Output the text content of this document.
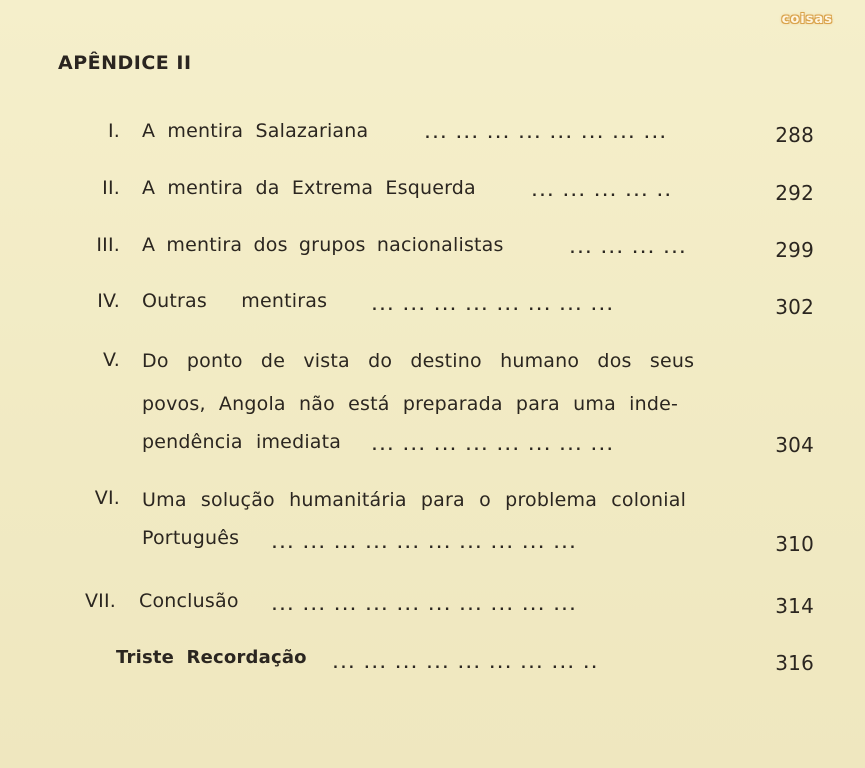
coisas
APÊNDICE II
I. A mentira Salazariana	... ... ... ... ... ... ... ...	288
II. A mentira da Extrema Esquerda	... ... ... ... ..	292
III. A mentira dos grupos nacionalistas	... ... ... ...	299
IV. Outras mentiras	... ... ... ... ... ... ... ...	302
V. Do ponto de vista do destino humano dos seus
povos, Angola não está preparada para uma inde-
pendência imediata ... ... ... ... ... ... ... ...	304
VI. Uma solução humanitária para o problema colonial
Português	... ... ... ... ... ... ... ... ... ...	310
VII. Conclusão	... ... ... ... ... ... ... ... ... ...	314
Triste Recordação ... ... ... ... ... ... ... ... ..	316
